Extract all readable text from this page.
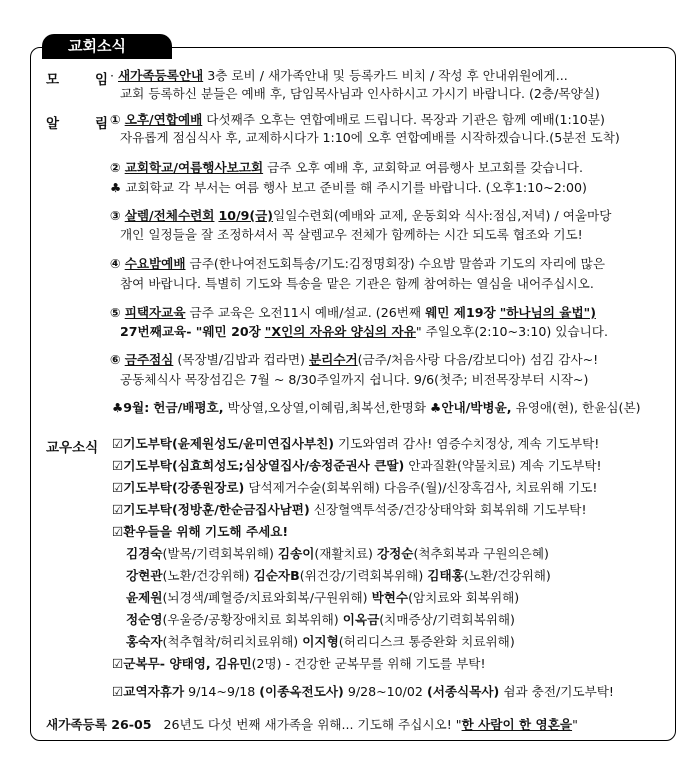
교회소식
모	임 · 새가족등록안내 3층 로비 / 새가족안내 및 등록카드 비치 / 작성 후 안내위원에게...
교회 등록하신 분들은 예배 후, 담임목사님과 인사하시고 가시기 바랍니다. (2층/목양실)
알	림 ① 오후/연합예배 다섯째주 오후는 연합예배로 드립니다. 목장과 기관은 함께 예배(1:10분)
자유롭게 점심식사 후, 교제하시다가 1:10에 오후 연합예배를 시작하겠습니다.(5분전 도착)
② 교회학교/여름행사보고회 금주 오후 예배 후, 교회학교 여름행사 보고회를 갖습니다.
♣ 교회학교 각 부서는 여름 행사 보고 준비를 해 주시기를 바랍니다. (오후1:10~2:00)
③ 살렘/전체수련회 10/9(금)일일수련회(예배와 교제, 운동회와 식사:점심,저녁) / 여울마당
개인 일정들을 잘 조정하셔서 꼭 살렘교우 전체가 함께하는 시간 되도록 협조와 기도!
④ 수요밤예배 금주(한나여전도회특송/기도:김정명회장) 수요밤 말씀과 기도의 자리에 많은
참여 바랍니다. 특별히 기도와 특송을 맡은 기관은 함께 참여하는 열심을 내어주십시오.
⑤ 피택자교육 금주 교육은 오전11시 예배/설교. (26번째 웨민 제19장 "하나님의 율법")
27번째교육- "웨민 20장 "X인의 자유와 양심의 자유" 주일오후(2:10~3:10) 있습니다.
⑥ 금주점심 (목장별/김밥과 컵라면) 분리수거(금주/처음사랑 다음/캄보디아) 섬김 감사~!
공동체식사 목장섬김은 7월 ~ 8/30주일까지 쉽니다. 9/6(첫주; 비전목장부터 시작~)
♣9월: 헌금/배평호, 박상열,오상열,이혜림,최복선,한명화 ♣안내/박병윤, 유영애(현), 한윤심(본)
교우소식 ☑기도부탁(윤제원성도/윤미연집사부친) 기도와염려 감사! 염증수치정상, 계속 기도부탁!
☑기도부탁(심효희성도;심상열집사/송정준권사 큰딸) 안과질환(약물치료) 계속 기도부탁!
☑기도부탁(강종원장로) 담석제거수술(회복위해) 다음주(월)/신장혹검사, 치료위해 기도!
☑기도부탁(정방훈/한순금집사남편) 신장혈액투석중/건강상태악화 회복위해 기도부탁!
☑환우들을 위해 기도해 주세요!
김경숙(발목/기력회복위해) 김송이(재활치료) 강정순(척추회복과 구원의은혜)
강현관(노환/건강위해) 김순자B(위건강/기력회복위해) 김태홍(노환/건강위해)
윤제원(뇌경색/폐혈증/치료와회복/구원위해) 박현수(암치료와 회복위해)
정순영(우울증/공황장애치료 회복위해) 이옥금(치매증상/기력회복위해)
홍숙자(척추협착/허리치료위해) 이지형(허리디스크 통증완화 치료위해)
☑군복무- 양태영, 김유민(2명) - 건강한 군복무를 위해 기도를 부탁!
☑교역자휴가 9/14~9/18 (이종옥전도사) 9/28~10/02 (서종식목사) 쉼과 충전/기도부탁!
새가족등록 26-05 26년도 다섯 번째 새가족을 위해... 기도해 주십시오! "한 사람이 한 영혼을"
